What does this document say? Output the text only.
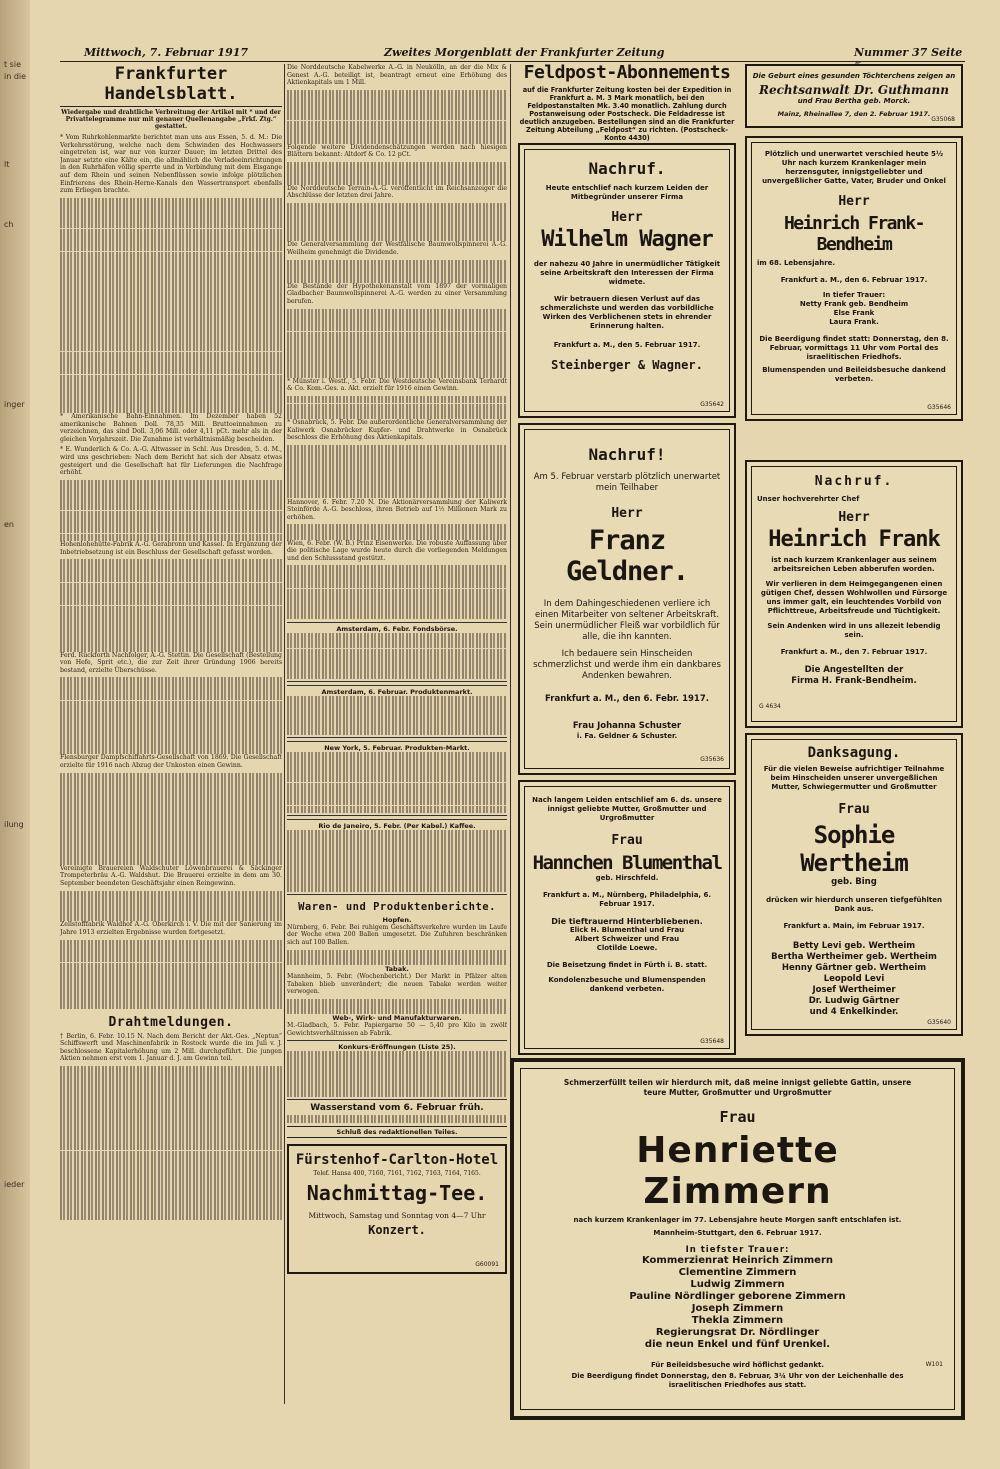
t sie
in die
lt
ch
inger
en
ilung
ieder
Mittwoch, 7. Februar 1917	Zweites Morgenblatt der Frankfurter Zeitung	Nummer 37 Seite
Frankfurter Handelsblatt.
Wiedergabe und drahtliche Verbreitung der Artikel mit * und der Privattelegramme nur mit genauer Quellenangabe „Frkf. Ztg.“ gestattet.

* Vom Ruhrkohlenmarkte berichtet man uns aus Essen, 5. d. M.: Die Verkehrsstörung, welche nach dem Schwinden des Hochwassers eingetreten ist, war nur von kurzer Dauer; im letzten Drittel des Januar setzte eine Kälte ein, die allmählich die Verladeeinrichtungen in den Ruhrhäfen völlig sperrte und in Verbindung mit dem Eisgange auf dem Rhein und seinen Nebenflüssen sowie infolge plötzlichen Einfrierens des Rhein-Herne-Kanals den Wassertransport ebenfalls zum Erliegen brachte.

* Amerikanische Bahn-Einnahmen. Im Dezember haben 52 amerikanische Bahnen Doll. 78,35 Mill. Bruttoeinnahmen zu verzeichnen, das sind Doll. 3,06 Mill. oder 4,11 pCt. mehr als in der gleichen Vorjahrszeit. Die Zunahme ist verhältnismäßig bescheiden.

* E. Wunderlich & Co. A.-G. Altwasser in Schl. Aus Dresden, 5. d. M., wird uns geschrieben: Nach dem Bericht hat sich der Absatz etwas gesteigert und die Gesellschaft hat für Lieferungen die Nachfrage erhöht.

Hohenlohehütte-Fabrik A.-G. Gerabronn und Kassel. In Ergänzung der Inbetriebsetzung ist ein Beschluss der Gesellschaft gefasst worden.

Ferd. Rückforth Nachfolger, A.-G. Stettin. Die Gesellschaft (Bestellung von Hefe, Sprit etc.), die zur Zeit ihrer Gründung 1906 bereits bestand, erzielte Überschüsse.

Flensburger Dampfschiffahrts-Gesellschaft von 1869. Die Gesellschaft erzielte für 1916 nach Abzug der Unkosten einen Gewinn.

Vereinigte Brauereien Waldschuter Löwenbrauerei & Säckinger Trompeterbräu A.-G. Waldshut. Die Brauerei erzielte in dem am 30. September beendeten Geschäftsjahr einen Reingewinn.

Zellstofffabrik Waldhof A.-G. Oberkirch i. V. Die mit der Sanierung im Jahre 1913 erzielten Ergebnisse wurden fortgesetzt.

Drahtmeldungen.

† Berlin, 6. Febr. 10.15 N. Nach dem Bericht der Akt.-Ges. „Neptun“ Schiffswerft und Maschinenfabrik in Rostock wurde die im Juli v. J. beschlossene Kapitalerhöhung um 2 Mill. durchgeführt. Die jungen Aktien nehmen erst vom 1. Januar d. J. am Gewinn teil.

Die Norddeutsche Kabelwerke A.-G. in Neukölln, an der die Mix & Genest A.-G. beteiligt ist, beantragt erneut eine Erhöhung des Aktienkapitals um 1 Mill.

Folgende weitere Dividendenschätzungen werden nach hiesigen Blättern bekannt: Altdorf & Co. 12 pCt.

Die Norddeutsche Terrain-A.-G. veröffentlicht im Reichsanzeiger die Abschlüsse der letzten drei Jahre.

Die Generalversammlung der Westfälische Baumwollspinnerei A.-G. Weilheim genehmigt die Dividende.

Die Bestände der Hypothekenanstalt vom 1897 der vormaligen Gladbacher Baumwollspinnerei A.-G. werden zu einer Versammlung berufen.

* Münster i. Westf., 5. Febr. Die Westdeutsche Vereinsbank Terhardt & Co. Kom.-Ges. a. Akt. erzielt für 1916 einen Gewinn.

* Osnabrück, 5. Febr. Die außerordentliche Generalversammlung der Kaliwerk Osnabrücker Kupfer- und Drahtwerke in Osnabrück beschloss die Erhöhung des Aktienkapitals.

Hannover, 6. Febr. 7.20 N. Die Aktionärversammlung der Kaliwerk Steinförde A.-G. beschloss, ihren Betrieb auf 1½ Millionen Mark zu erhöhen.

Wien, 6. Febr. (W. B.) Prinz Eisenwerke. Die robuste Auffassung über die politische Lage wurde heute durch die vorliegenden Meldungen und den Schlussstand gestützt.

Amsterdam, 6. Febr. Fondsbörse.
Amsterdam, 6. Februar. Produktenmarkt.
New York, 5. Februar. Produkten-Markt.
Rio de Janeiro, 5. Febr. (Per Kabel.) Kaffee.
Waren- und Produktenberichte.
Hopfen.

Nürnberg, 6. Febr. Bei ruhigem Geschäftsverkehre wurden im Laufe der Woche etwa 200 Ballen umgesetzt. Die Zufuhren beschränken sich auf 100 Ballen.

Tabak.

Mannheim, 5. Febr. (Wochenbericht.) Der Markt in Pfälzer alten Tabaken blieb unverändert; die neuen Tabake werden weiter verwogen.

Web-, Wirk- und Manufakturwaren.

M.-Gladbach, 5. Febr. Papiergarne 50 — 5,40 pro Kilo in zwölf Gewichtsverhältnissen ab Fabrik.

Konkurs-Eröffnungen (Liste 25).
Wasserstand vom 6. Februar früh.
Schluß des redaktionellen Teiles.
Fürstenhof-Carlton-Hotel
Telef. Hansa 400, 7160, 7161, 7162, 7163, 7164, 7165.
Nachmittag-Tee.
Mittwoch, Samstag und Sonntag von 4—7 Uhr
Konzert.
G60091
Feldpost-Abonnements
auf die Frankfurter Zeitung kosten bei der Expedition in Frankfurt a. M. 3 Mark monatlich, bei den Feldpostanstalten Mk. 3.40 monatlich. Zahlung durch Postanweisung oder Postscheck. Die Feldadresse ist deutlich anzugeben. Bestellungen sind an die Frankfurter Zeitung Abteilung „Feldpost“ zu richten. (Postscheck-Konto 4430)
Die Geburt eines gesunden Töchterchens zeigen an
Rechtsanwalt Dr. Guthmann
und Frau Bertha geb. Morck.
Mainz, Rheinallee 7, den 2. Februar 1917.
G35068
Nachruf.
Heute entschlief nach kurzem Leiden der Mitbegründer unserer Firma
Herr
Wilhelm Wagner
der nahezu 40 Jahre in unermüdlicher Tätigkeit seine Arbeitskraft den Interessen der Firma widmete.
Wir betrauern diesen Verlust auf das schmerzlichste und werden das vorbildliche Wirken des Verblichenen stets in ehrender Erinnerung halten.
Frankfurt a. M., den 5. Februar 1917.
Steinberger & Wagner.
G35642
Plötzlich und unerwartet verschied heute 5½ Uhr nach kurzem Krankenlager mein herzensguter, innigstgeliebter und unvergeßlicher Gatte, Vater, Bruder und Onkel
Herr
Heinrich Frank-Bendheim
im 68. Lebensjahre.
Frankfurt a. M., den 6. Februar 1917.
In tiefer Trauer:
Netty Frank geb. Bendheim
Else Frank
Laura Frank.
Die Beerdigung findet statt: Donnerstag, den 8. Februar, vormittags 11 Uhr vom Portal des israelitischen Friedhofs.
Blumenspenden und Beileidsbesuche dankend verbeten.
G35646
Nachruf!
Am 5. Februar verstarb plötzlich unerwartet mein Teilhaber
Herr
Franz Geldner.
In dem Dahingeschiedenen verliere ich einen Mitarbeiter von seltener Arbeitskraft. Sein unermüdlicher Fleiß war vorbildlich für alle, die ihn kannten.
Ich bedauere sein Hinscheiden schmerzlichst und werde ihm ein dankbares Andenken bewahren.
Frankfurt a. M., den 6. Febr. 1917.
Frau Johanna Schuster
i. Fa. Geldner & Schuster.
G35636
Nachruf.
Unser hochverehrter Chef
Herr
Heinrich Frank
ist nach kurzem Krankenlager aus seinem arbeitsreichen Leben abberufen worden.
Wir verlieren in dem Heimgegangenen einen gütigen Chef, dessen Wohlwollen und Fürsorge uns immer galt, ein leuchtendes Vorbild von Pflichttreue, Arbeitsfreude und Tüchtigkeit.
Sein Andenken wird in uns allezeit lebendig sein.
Frankfurt a. M., den 7. Februar 1917.
Die Angestellten der
Firma H. Frank-Bendheim.
G 4634
Nach langem Leiden entschlief am 6. ds. unsere innigst geliebte Mutter, Großmutter und Urgroßmutter
Frau
Hannchen Blumenthal
geb. Hirschfeld.
Frankfurt a. M., Nürnberg, Philadelphia, 6. Februar 1917.
Die tieftrauernd Hinterbliebenen.
Elick H. Blumenthal und Frau
Albert Schweizer und Frau
Clotilde Loewe.
Die Beisetzung findet in Fürth i. B. statt.
Kondolenzbesuche und Blumenspenden dankend verbeten.
G35648
Danksagung.
Für die vielen Beweise aufrichtiger Teilnahme beim Hinscheiden unserer unvergeßlichen Mutter, Schwiegermutter und Großmutter
Frau
Sophie Wertheim
geb. Bing
drücken wir hierdurch unseren tiefgefühlten Dank aus.
Frankfurt a. Main, im Februar 1917.
Betty Levi geb. Wertheim
Bertha Wertheimer geb. Wertheim
Henny Gärtner geb. Wertheim
Leopold Levi
Josef Wertheimer
Dr. Ludwig Gärtner
und 4 Enkelkinder.
G35640
Schmerzerfüllt teilen wir hierdurch mit, daß meine innigst geliebte Gattin, unsere teure Mutter, Großmutter und Urgroßmutter
Frau
Henriette Zimmern
nach kurzem Krankenlager im 77. Lebensjahre heute Morgen sanft entschlafen ist.
Mannheim-Stuttgart, den 6. Februar 1917.
In tiefster Trauer:
Kommerzienrat Heinrich Zimmern
Clementine Zimmern
Ludwig Zimmern
Pauline Nördlinger geborene Zimmern
Joseph Zimmern
Thekla Zimmern
Regierungsrat Dr. Nördlinger
die neun Enkel und fünf Urenkel.
Für Beileidsbesuche wird höflichst gedankt.
Die Beerdigung findet Donnerstag, den 8. Februar, 3¼ Uhr von der Leichenhalle des israelitischen Friedhofes aus statt.
W101
